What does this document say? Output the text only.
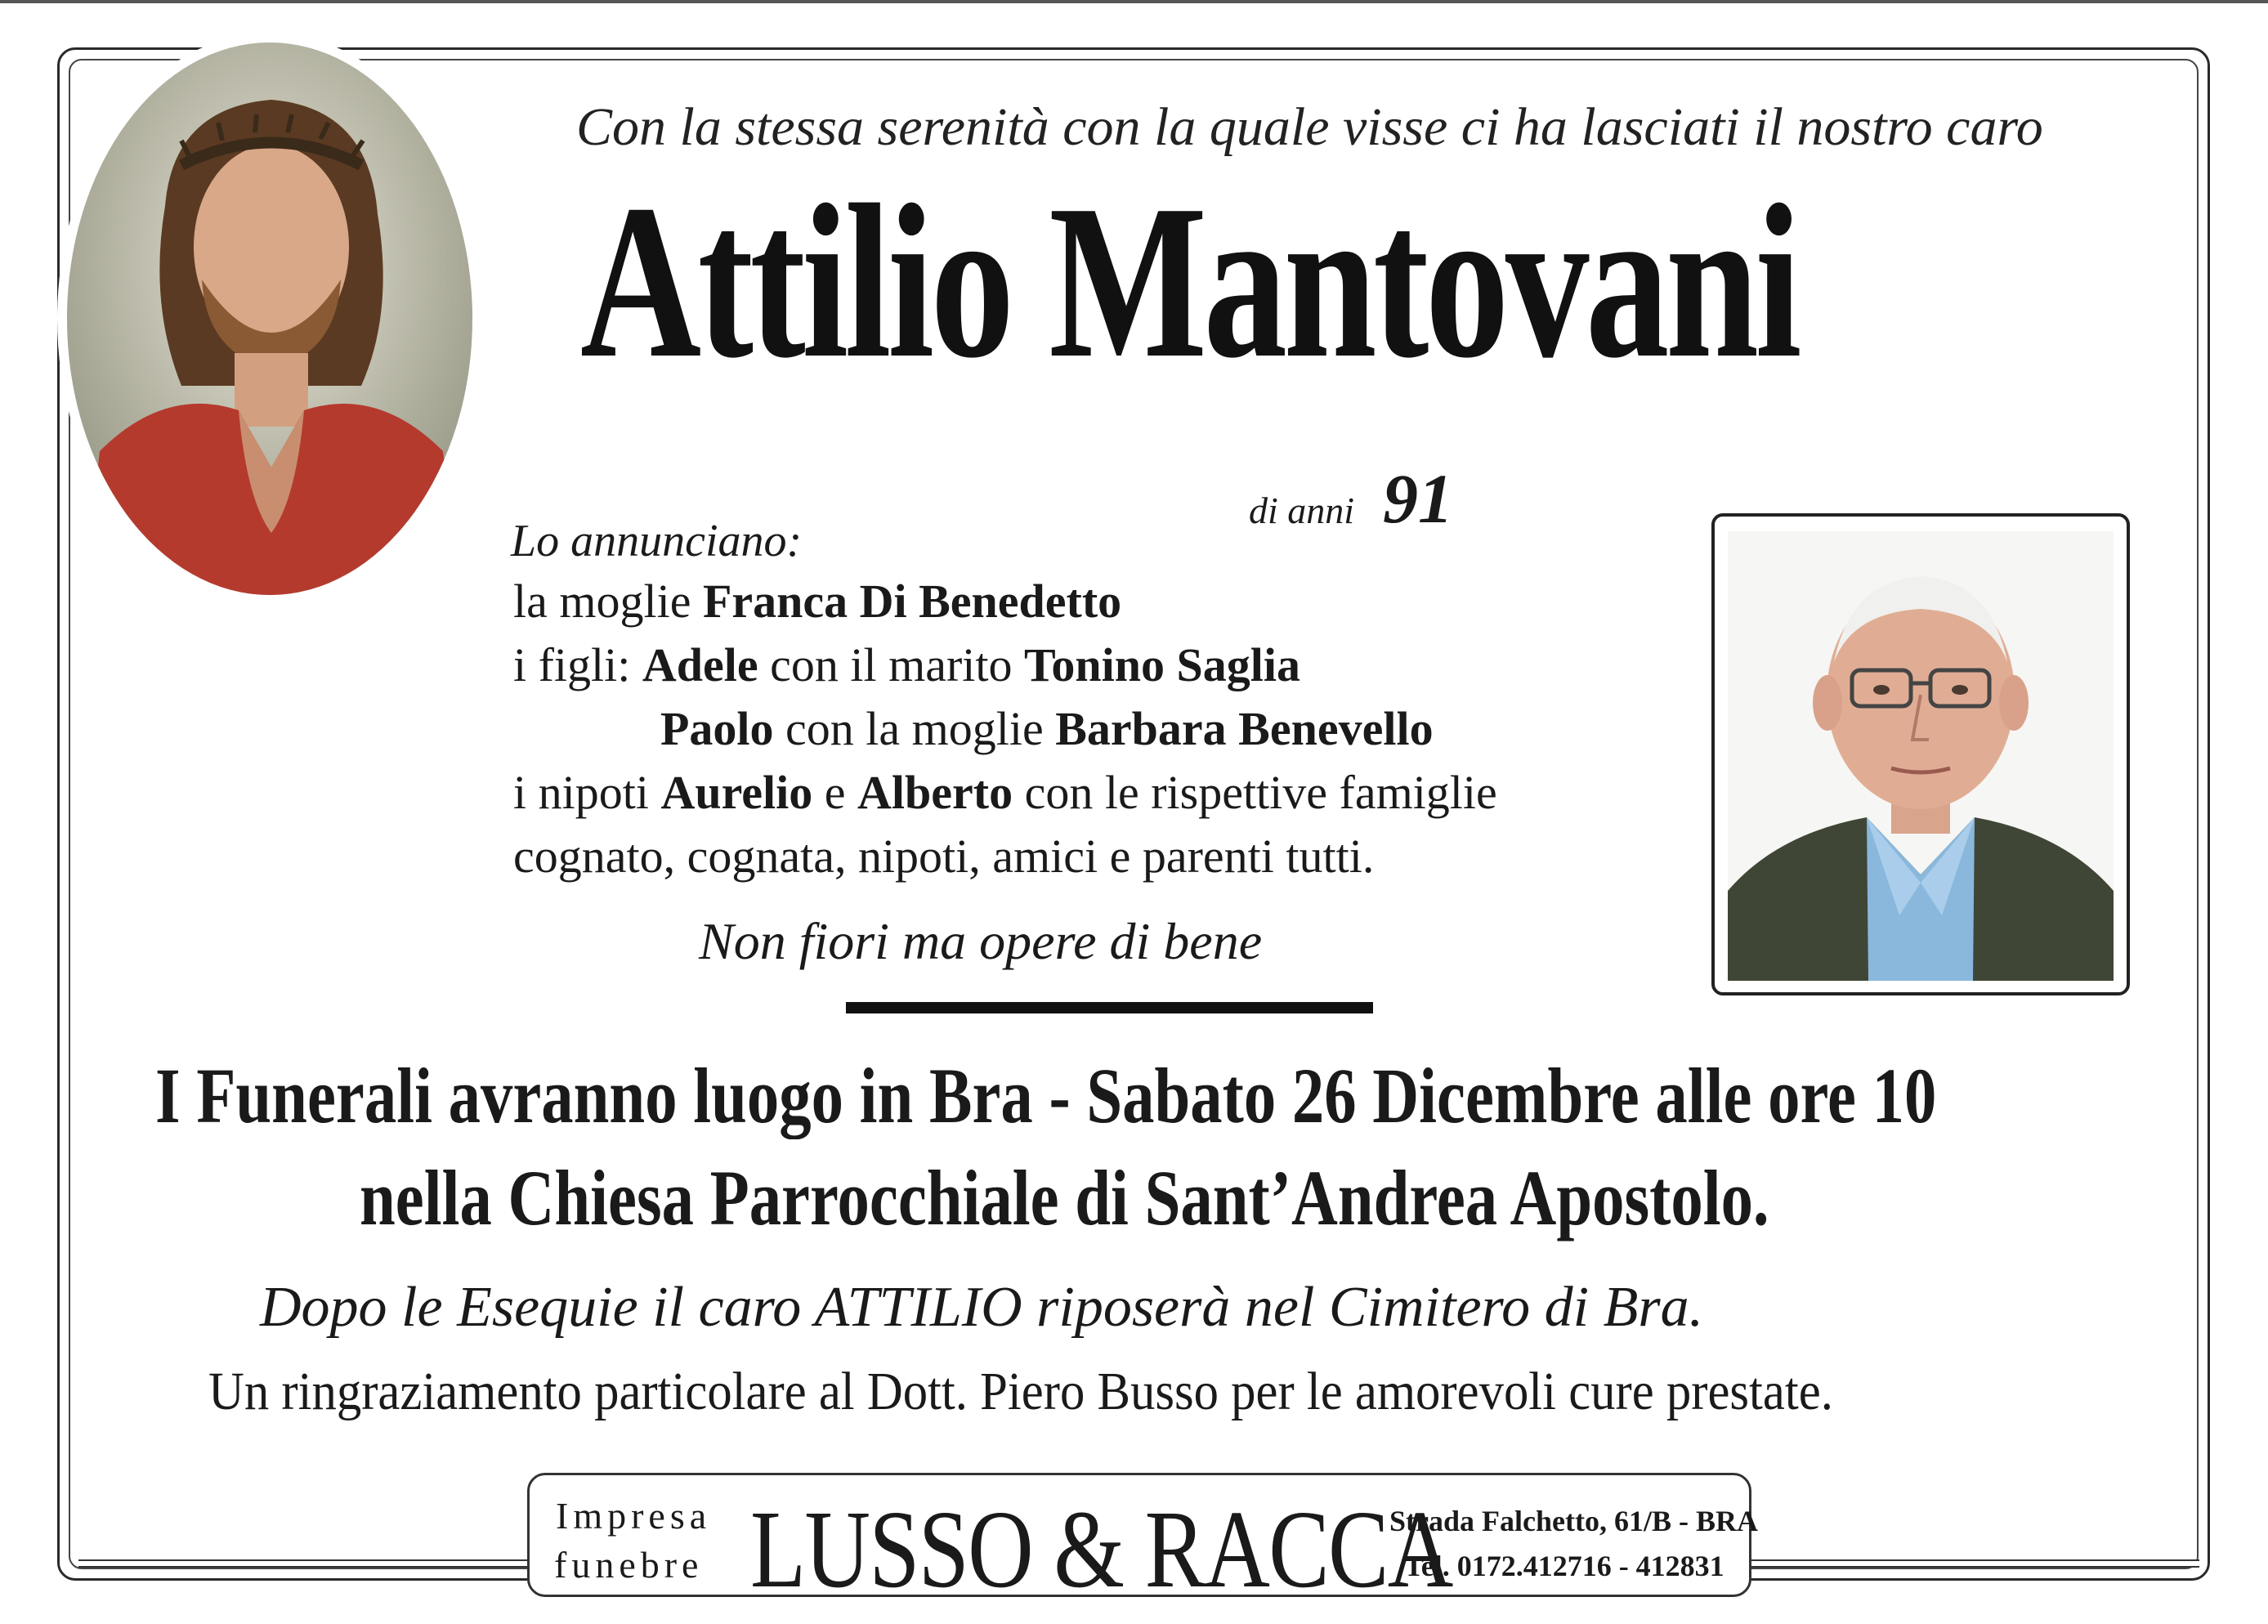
Con la stessa serenità con la quale visse ci ha lasciati il nostro caro
Attilio Mantovani
di anni 91
Lo annunciano:
la moglie Franca Di Benedetto
i figli: Adele con il marito Tonino Saglia
Paolo con la moglie Barbara Benevello
i nipoti Aurelio e Alberto con le rispettive famiglie
cognato, cognata, nipoti, amici e parenti tutti.
Non fiori ma opere di bene
I Funerali avranno luogo in Bra - Sabato 26 Dicembre alle ore 10
nella Chiesa Parrocchiale di Sant’Andrea Apostolo.
Dopo le Esequie il caro ATTILIO riposerà nel Cimitero di Bra.
Un ringraziamento particolare al Dott. Piero Busso per le amorevoli cure prestate.
Impresa
funebre LUSSO & RACCA
Strada Falchetto, 61/B - BRA
Tel. 0172.412716 - 412831
